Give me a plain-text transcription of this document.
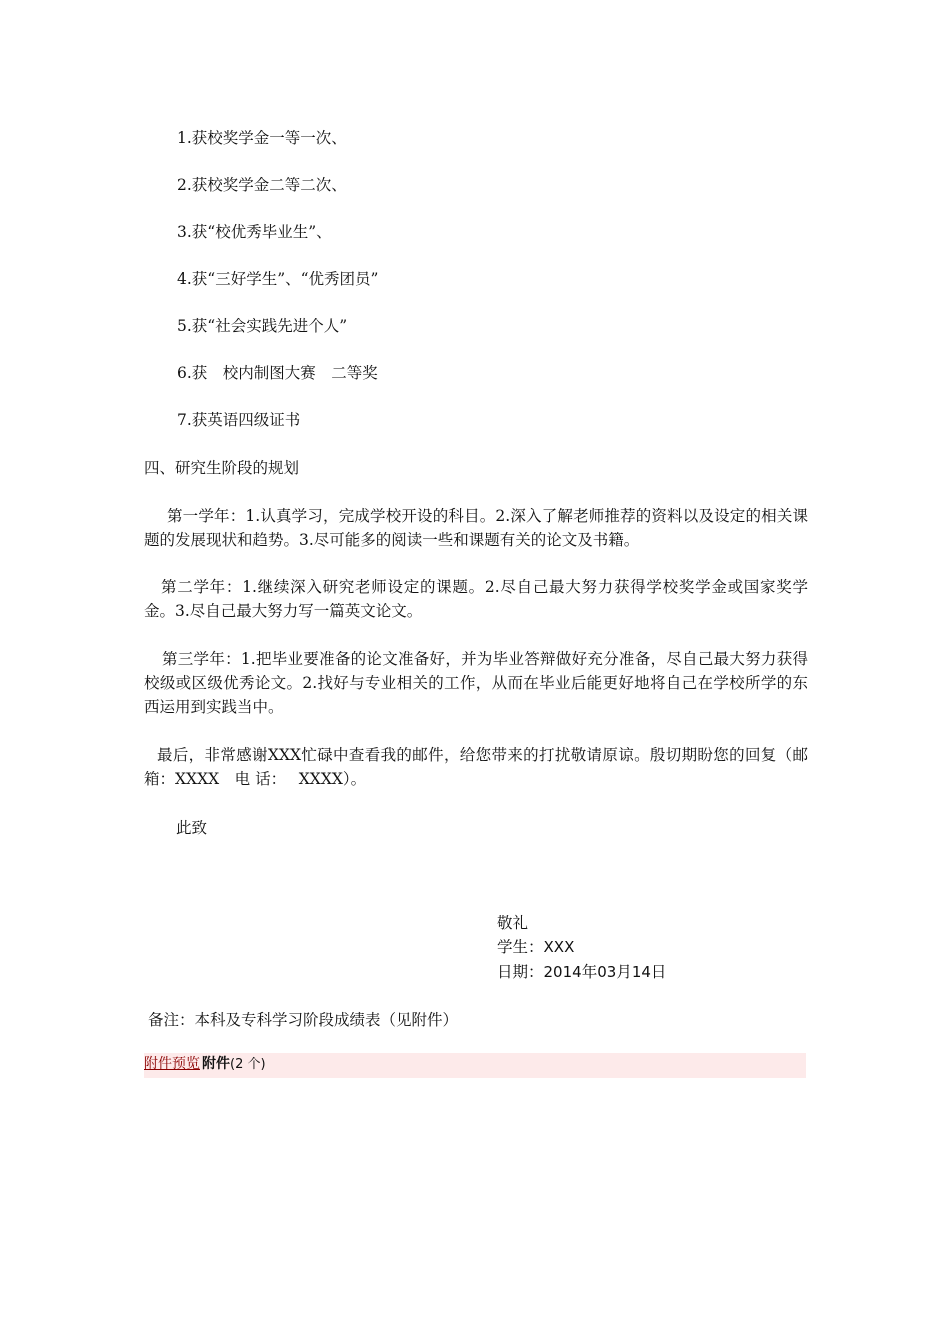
1.获校奖学金一等一次、
2.获校奖学金二等二次、
3.获“校优秀毕业生”、
4.获“三好学生”、“优秀团员”
5.获“社会实践先进个人”
6.获　校内制图大赛　二等奖
7.获英语四级证书
四、研究生阶段的规划
第一学年：1.认真学习，完成学校开设的科目。2.深入了解老师推荐的资料以及设定的相关课题的发展现状和趋势。3.尽可能多的阅读一些和课题有关的论文及书籍。
第二学年：1.继续深入研究老师设定的课题。2.尽自己最大努力获得学校奖学金或国家奖学金。3.尽自己最大努力写一篇英文论文。
第三学年：1.把毕业要准备的论文准备好，并为毕业答辩做好充分准备，尽自己最大努力获得校级或区级优秀论文。2.找好与专业相关的工作，从而在毕业后能更好地将自己在学校所学的东西运用到实践当中。
最后，非常感谢XXX忙碌中查看我的邮件，给您带来的打扰敬请原谅。殷切期盼您的回复（邮箱：XXXX　电 话：　 XXXX）。
此致
敬礼
学生：XXX
日期：2014年03月14日
备注：本科及专科学习阶段成绩表（见附件）
附件预览 附件(2 个)
